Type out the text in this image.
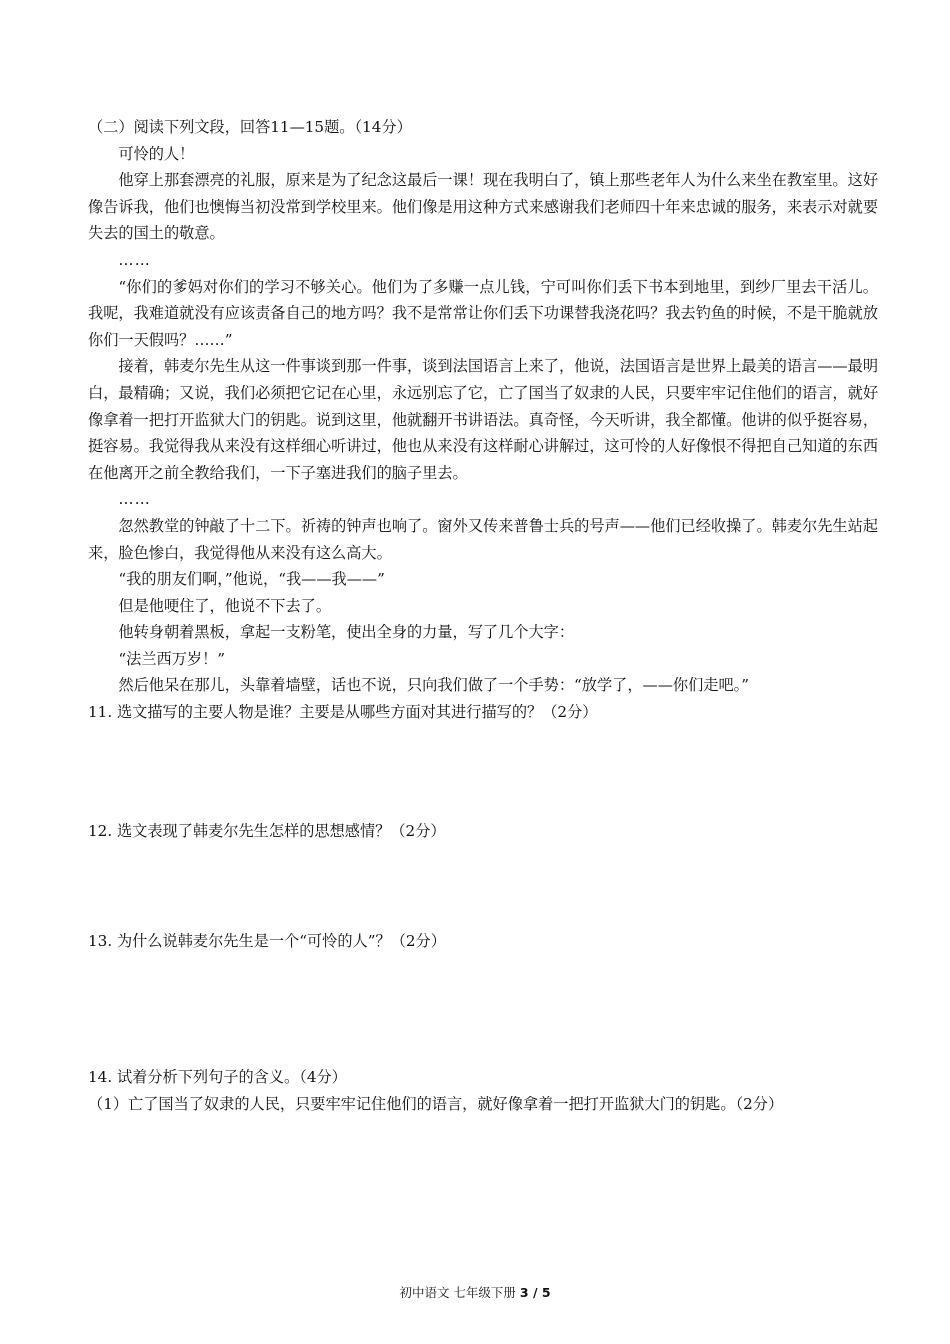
（二）阅读下列文段，回答11—15题。（14分）

可怜的人！

他穿上那套漂亮的礼服，原来是为了纪念这最后一课！现在我明白了，镇上那些老年人为什么来坐在教室里。这好像告诉我，他们也懊悔当初没常到学校里来。他们像是用这种方式来感谢我们老师四十年来忠诚的服务，来表示对就要失去的国土的敬意。

……

“你们的爹妈对你们的学习不够关心。他们为了多赚一点儿钱，宁可叫你们丢下书本到地里，到纱厂里去干活儿。我呢，我难道就没有应该责备自己的地方吗？我不是常常让你们丢下功课替我浇花吗？我去钓鱼的时候，不是干脆就放你们一天假吗？……”

接着，韩麦尔先生从这一件事谈到那一件事，谈到法国语言上来了，他说，法国语言是世界上最美的语言——最明白，最精确；又说，我们必须把它记在心里，永远别忘了它，亡了国当了奴隶的人民，只要牢牢记住他们的语言，就好像拿着一把打开监狱大门的钥匙。说到这里，他就翻开书讲语法。真奇怪，今天听讲，我全都懂。他讲的似乎挺容易，挺容易。我觉得我从来没有这样细心听讲过，他也从来没有这样耐心讲解过，这可怜的人好像恨不得把自己知道的东西在他离开之前全教给我们，一下子塞进我们的脑子里去。

……

忽然教堂的钟敲了十二下。祈祷的钟声也响了。窗外又传来普鲁士兵的号声——他们已经收操了。韩麦尔先生站起来，脸色惨白，我觉得他从来没有这么高大。

“我的朋友们啊，”他说，“我——我——”

但是他哽住了，他说不下去了。

他转身朝着黑板，拿起一支粉笔，使出全身的力量，写了几个大字：

“法兰西万岁！”

然后他呆在那儿，头靠着墙壁，话也不说，只向我们做了一个手势：“放学了，——你们走吧。”

11. 选文描写的主要人物是谁？主要是从哪些方面对其进行描写的？（2分）

12. 选文表现了韩麦尔先生怎样的思想感情？（2分）

13. 为什么说韩麦尔先生是一个“可怜的人”？（2分）

14. 试着分析下列句子的含义。（4分）

（1）亡了国当了奴隶的人民，只要牢牢记住他们的语言，就好像拿着一把打开监狱大门的钥匙。（2分）

初中语文 七年级下册 3 / 5
